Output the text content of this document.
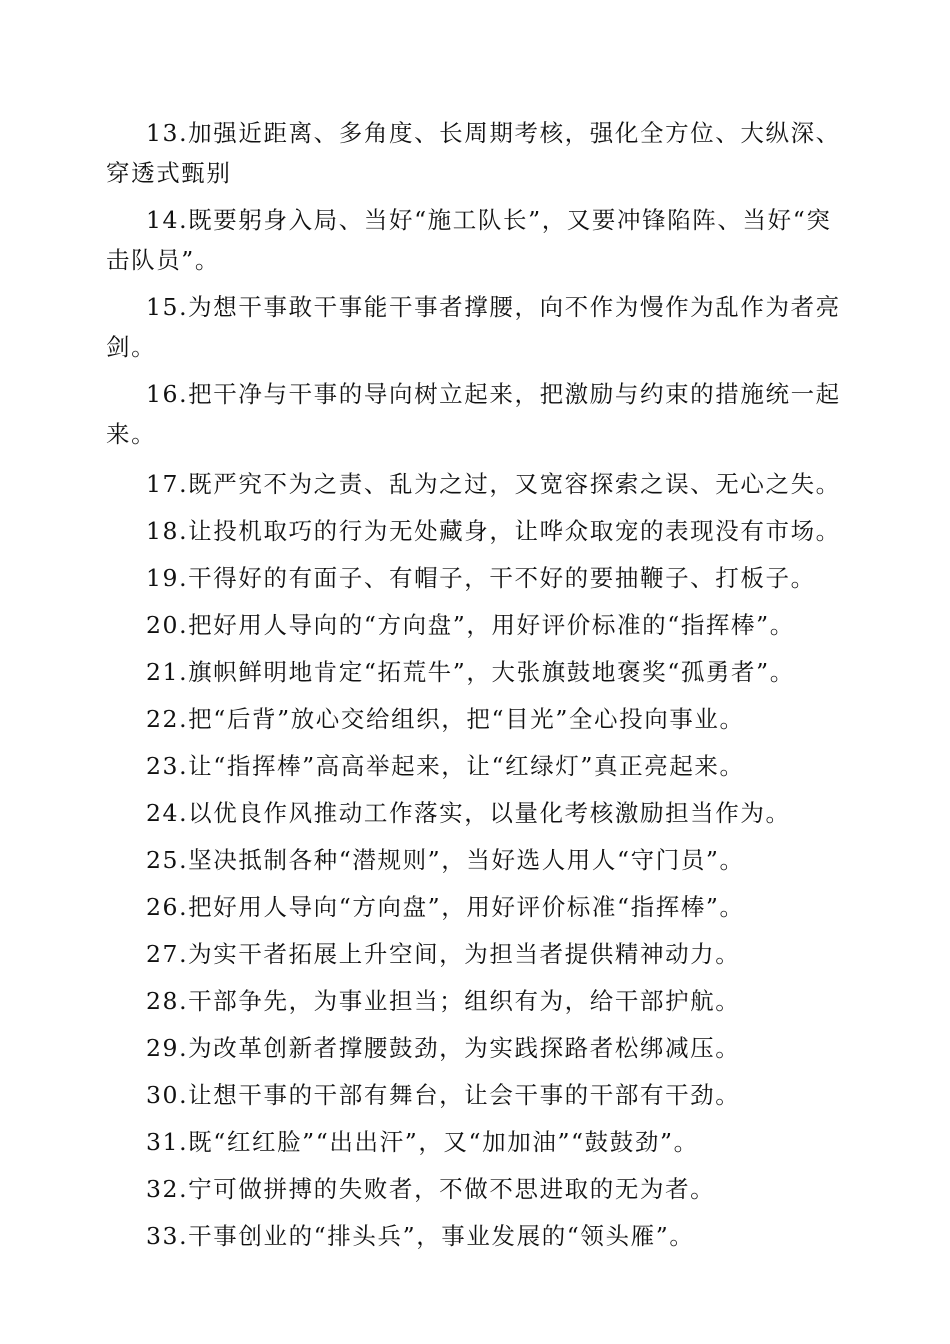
13.加强近距离、多角度、长周期考核，强化全方位、大纵深、穿透式甄别

14.既要躬身入局、当好“施工队长”，又要冲锋陷阵、当好“突击队员”。

15.为想干事敢干事能干事者撑腰，向不作为慢作为乱作为者亮剑。

16.把干净与干事的导向树立起来，把激励与约束的措施统一起来。

17.既严究不为之责、乱为之过，又宽容探索之误、无心之失。

18.让投机取巧的行为无处藏身，让哗众取宠的表现没有市场。

19.干得好的有面子、有帽子，干不好的要抽鞭子、打板子。

20.把好用人导向的“方向盘”，用好评价标准的“指挥棒”。

21.旗帜鲜明地肯定“拓荒牛”，大张旗鼓地褒奖“孤勇者”。

22.把“后背”放心交给组织，把“目光”全心投向事业。

23.让“指挥棒”高高举起来，让“红绿灯”真正亮起来。

24.以优良作风推动工作落实，以量化考核激励担当作为。

25.坚决抵制各种“潜规则”，当好选人用人“守门员”。

26.把好用人导向“方向盘”，用好评价标准“指挥棒”。

27.为实干者拓展上升空间，为担当者提供精神动力。

28.干部争先，为事业担当；组织有为，给干部护航。

29.为改革创新者撑腰鼓劲，为实践探路者松绑减压。

30.让想干事的干部有舞台，让会干事的干部有干劲。

31.既“红红脸”“出出汗”，又“加加油”“鼓鼓劲”。

32.宁可做拼搏的失败者，不做不思进取的无为者。

33.干事创业的“排头兵”，事业发展的“领头雁”。
